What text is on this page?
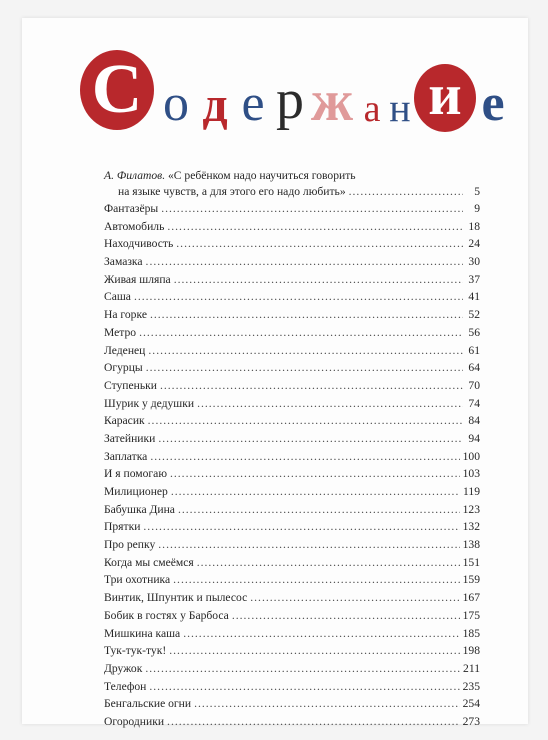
С о д е р ж а н и е
А. Филатов. «С ребёнком надо научиться говорить
на языке чувств, а для этого его надо любить» .....	5
Фантазёры .....	9
Автомобиль .....	18
Находчивость .....	24
Замазка .....	30
Живая шляпа .....	37
Саша .....	41
На горке .....	52
Метро .....	56
Леденец .....	61
Огурцы .....	64
Ступеньки .....	70
Шурик у дедушки .....	74
Карасик .....	84
Затейники .....	94
Заплатка .....	100
И я помогаю .....	103
Милиционер .....	119
Бабушка Дина .....	123
Прятки .....	132
Про репку .....	138
Когда мы смеёмся .....	151
Три охотника .....	159
Винтик, Шпунтик и пылесос .....	167
Бобик в гостях у Барбоса .....	175
Мишкина каша .....	185
Тук-тук-тук! .....	198
Дружок .....	211
Телефон .....	235
Бенгальские огни .....	254
Огородники .....	273
